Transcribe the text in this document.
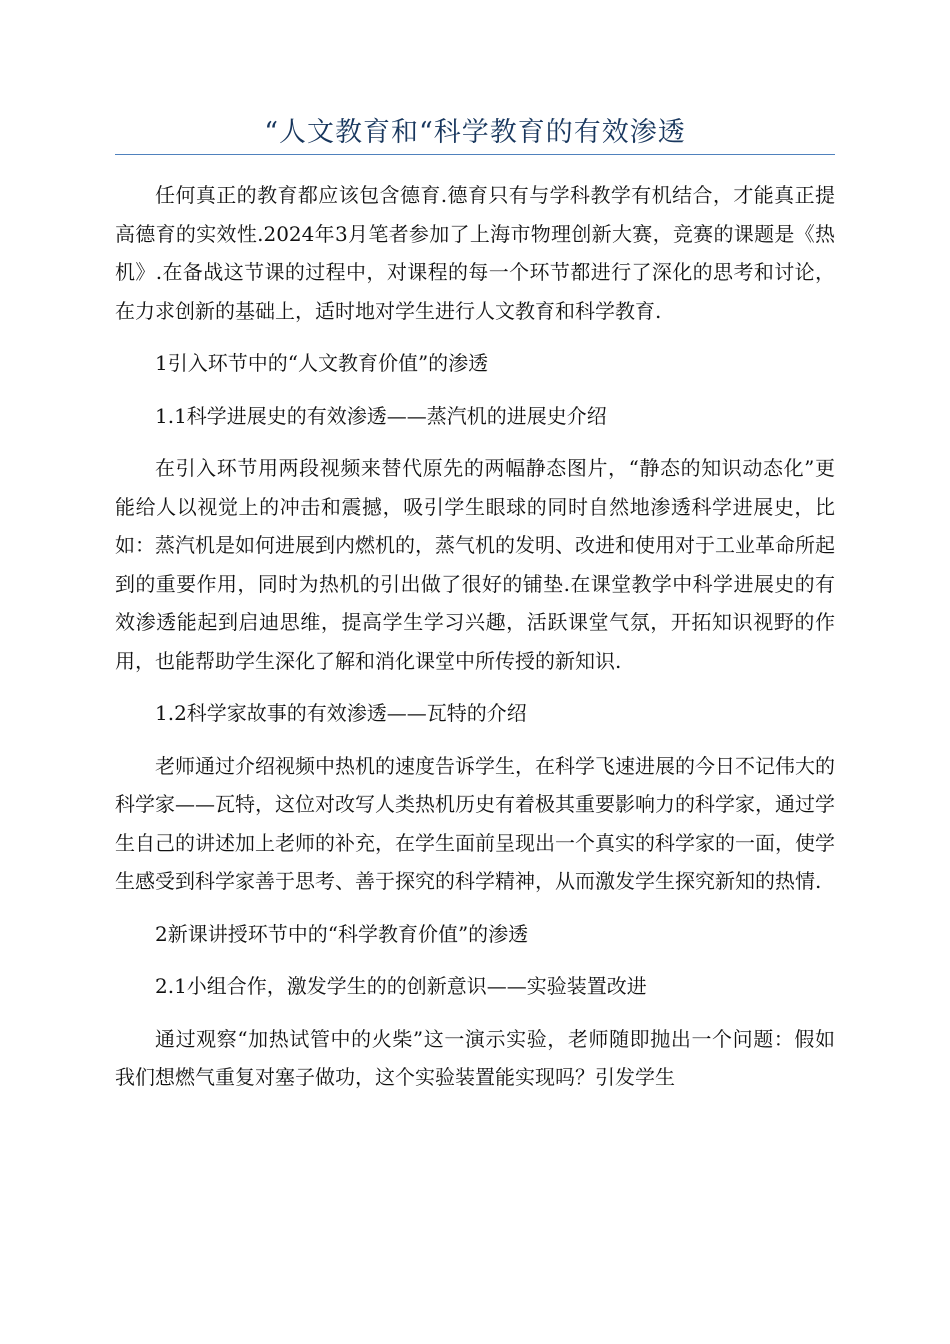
“人文教育和“科学教育的有效渗透

任何真正的教育都应该包含德育.德育只有与学科教学有机结合，才能真正提高德育的实效性.2024年3月笔者参加了上海市物理创新大赛，竞赛的课题是《热机》.在备战这节课的过程中，对课程的每一个环节都进行了深化的思考和讨论，在力求创新的基础上，适时地对学生进行人文教育和科学教育.

1引入环节中的“人文教育价值”的渗透

1.1科学进展史的有效渗透——蒸汽机的进展史介绍

在引入环节用两段视频来替代原先的两幅静态图片，“静态的知识动态化”更能给人以视觉上的冲击和震撼，吸引学生眼球的同时自然地渗透科学进展史，比如：蒸汽机是如何进展到内燃机的，蒸气机的发明、改进和使用对于工业革命所起到的重要作用，同时为热机的引出做了很好的铺垫.在课堂教学中科学进展史的有效渗透能起到启迪思维，提高学生学习兴趣，活跃课堂气氛，开拓知识视野的作用，也能帮助学生深化了解和消化课堂中所传授的新知识.

1.2科学家故事的有效渗透——瓦特的介绍

老师通过介绍视频中热机的速度告诉学生，在科学飞速进展的今日不记伟大的科学家——瓦特，这位对改写人类热机历史有着极其重要影响力的科学家，通过学生自己的讲述加上老师的补充，在学生面前呈现出一个真实的科学家的一面，使学生感受到科学家善于思考、善于探究的科学精神，从而激发学生探究新知的热情.

2新课讲授环节中的“科学教育价值”的渗透

2.1小组合作，激发学生的的创新意识——实验装置改进

通过观察“加热试管中的火柴”这一演示实验，老师随即抛出一个问题：假如我们想燃气重复对塞子做功，这个实验装置能实现吗？引发学生
